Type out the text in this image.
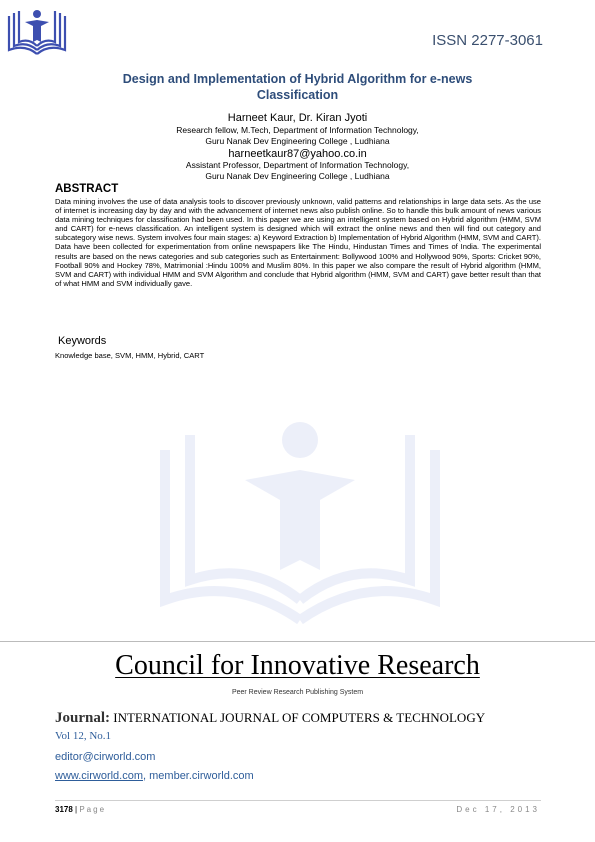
ISSN 2277-3061
Design and Implementation of Hybrid Algorithm for e-news
Classification
Harneet Kaur, Dr. Kiran Jyoti
Research fellow, M.Tech, Department of Information Technology,
Guru Nanak Dev Engineering College , Ludhiana
harneetkaur87@yahoo.co.in
Assistant Professor, Department of Information Technology,
Guru Nanak Dev Engineering College , Ludhiana
ABSTRACT
Data mining involves the use of data analysis tools to discover previously unknown, valid patterns and relationships in large data sets. As the use of internet is increasing day by day and with the advancement of internet news also publish online. So to handle this bulk amount of news various data mining techniques for classification had been used. In this paper we are using an intelligent system based on Hybrid algorithm (HMM, SVM and CART) for e-news classification. An intelligent system is designed which will extract the online news and then will find out category and subcategory wise news. System involves four main stages: a) Keyword Extraction b) Implementation of Hybrid Algorithm (HMM, SVM and CART). Data have been collected for experimentation from online newspapers like The Hindu, Hindustan Times and Times of India. The experimental results are based on the news categories and sub categories such as Entertainment: Bollywood 100% and Hollywood 90%, Sports: Cricket 90%, Football 90% and Hockey 78%, Matrimonial :Hindu 100% and Muslim 80%. In this paper we also compare the result of Hybrid algorithm (HMM, SVM and CART) with individual HMM and SVM Algorithm and conclude that Hybrid algorithm (HMM, SVM and CART) gave better result than that of what HMM and SVM individually gave.
Keywords
Knowledge base, SVM, HMM, Hybrid, CART
Council for Innovative Research
Peer Review Research Publishing System
Journal: INTERNATIONAL JOURNAL OF COMPUTERS & TECHNOLOGY
Vol 12, No.1
editor@cirworld.com
www.cirworld.com, member.cirworld.com
3178 | Page	Dec 17, 2013
